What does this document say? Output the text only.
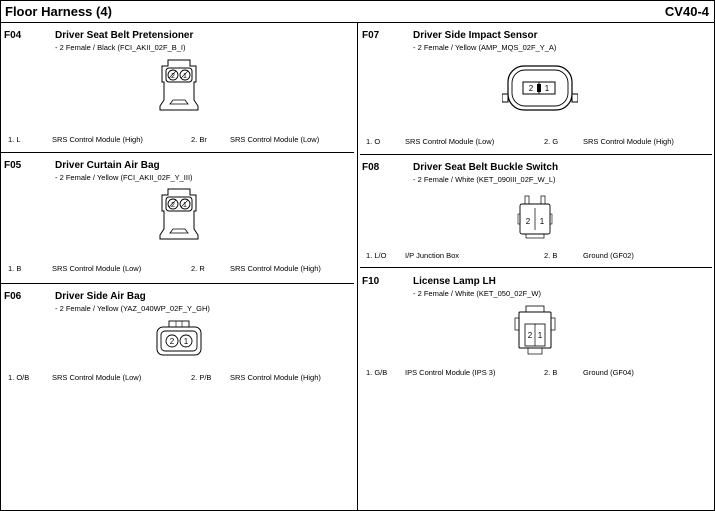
Floor Harness (4)	CV40-4
F04	Driver Seat Belt Pretensioner
- 2 Female / Black (FCI_AKII_02F_B_I)
2 1
1. L	SRS Control Module (High)	2. Br	SRS Control Module (Low)
F05	Driver Curtain Air Bag
- 2 Female / Yellow (FCI_AKII_02F_Y_III)
2 1
1. B	SRS Control Module (Low)	2. R	SRS Control Module (High)
F06	Driver Side Air Bag
- 2 Female / Yellow (YAZ_040WP_02F_Y_GH)
2 1
1. O/B	SRS Control Module (Low)	2. P/B SRS Control Module (High)
F07	Driver Side Impact Sensor
- 2 Female / Yellow (AMP_MQS_02F_Y_A)
2 1
1. O	SRS Control Module (Low)	2. G	SRS Control Module (High)
F08	Driver Seat Belt Buckle Switch
- 2 Female / White (KET_090III_02F_W_L)
2 1
1. L/O I/P Junction Box	2. B	Ground (GF02)
F10	License Lamp LH
- 2 Female / White (KET_050_02F_W)
2 1
1. G/B IPS Control Module (IPS 3)	2. B	Ground (GF04)
